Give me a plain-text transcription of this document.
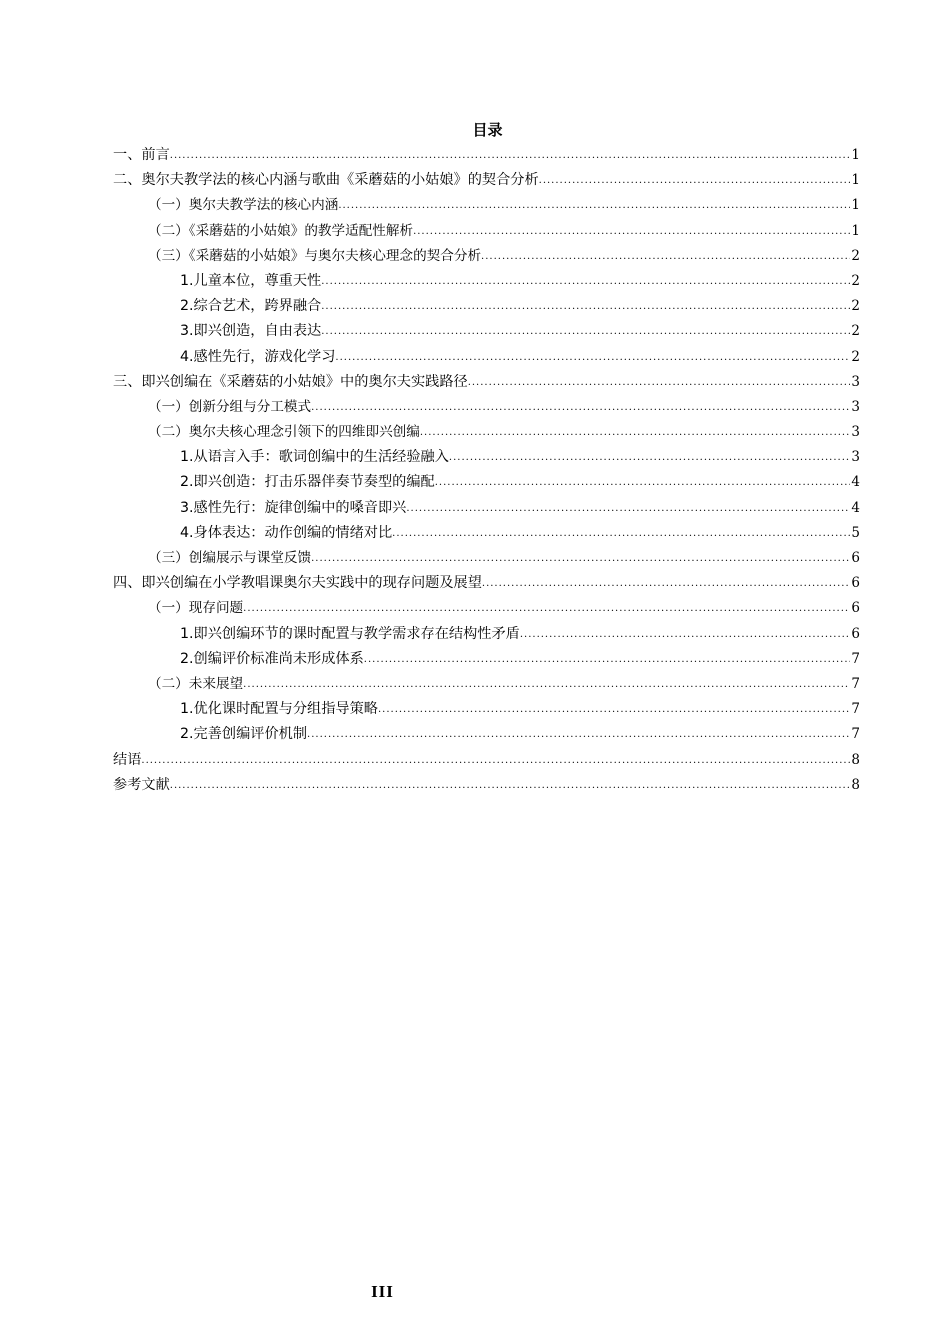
目录
一、前言 .....	1
二、奥尔夫教学法的核心内涵与歌曲《采蘑菇的小姑娘》的契合分析 .....	1
（一）奥尔夫教学法的核心内涵 .....	1
（二）《采蘑菇的小姑娘》的教学适配性解析 .....	1
（三）《采蘑菇的小姑娘》与奥尔夫核心理念的契合分析 .....	2
1.儿童本位，尊重天性 .....	2
2.综合艺术，跨界融合 .....	2
3.即兴创造，自由表达 .....	2
4.感性先行，游戏化学习 .....	2
三、即兴创编在《采蘑菇的小姑娘》中的奥尔夫实践路径 .....	3
（一）创新分组与分工模式 .....	3
（二）奥尔夫核心理念引领下的四维即兴创编 .....	3
1.从语言入手：歌词创编中的生活经验融入 .....	3
2.即兴创造：打击乐器伴奏节奏型的编配 .....	4
3.感性先行：旋律创编中的嗓音即兴 .....	4
4.身体表达：动作创编的情绪对比 .....	5
（三）创编展示与课堂反馈 .....	6
四、即兴创编在小学教唱课奥尔夫实践中的现存问题及展望 .....	6
（一）现存问题 .....	6
1.即兴创编环节的课时配置与教学需求存在结构性矛盾 .....	6
2.创编评价标准尚未形成体系 .....	7
（二）未来展望 .....	7
1.优化课时配置与分组指导策略 .....	7
2.完善创编评价机制 .....	7
结语 .....	8
参考文献 .....	8
III
